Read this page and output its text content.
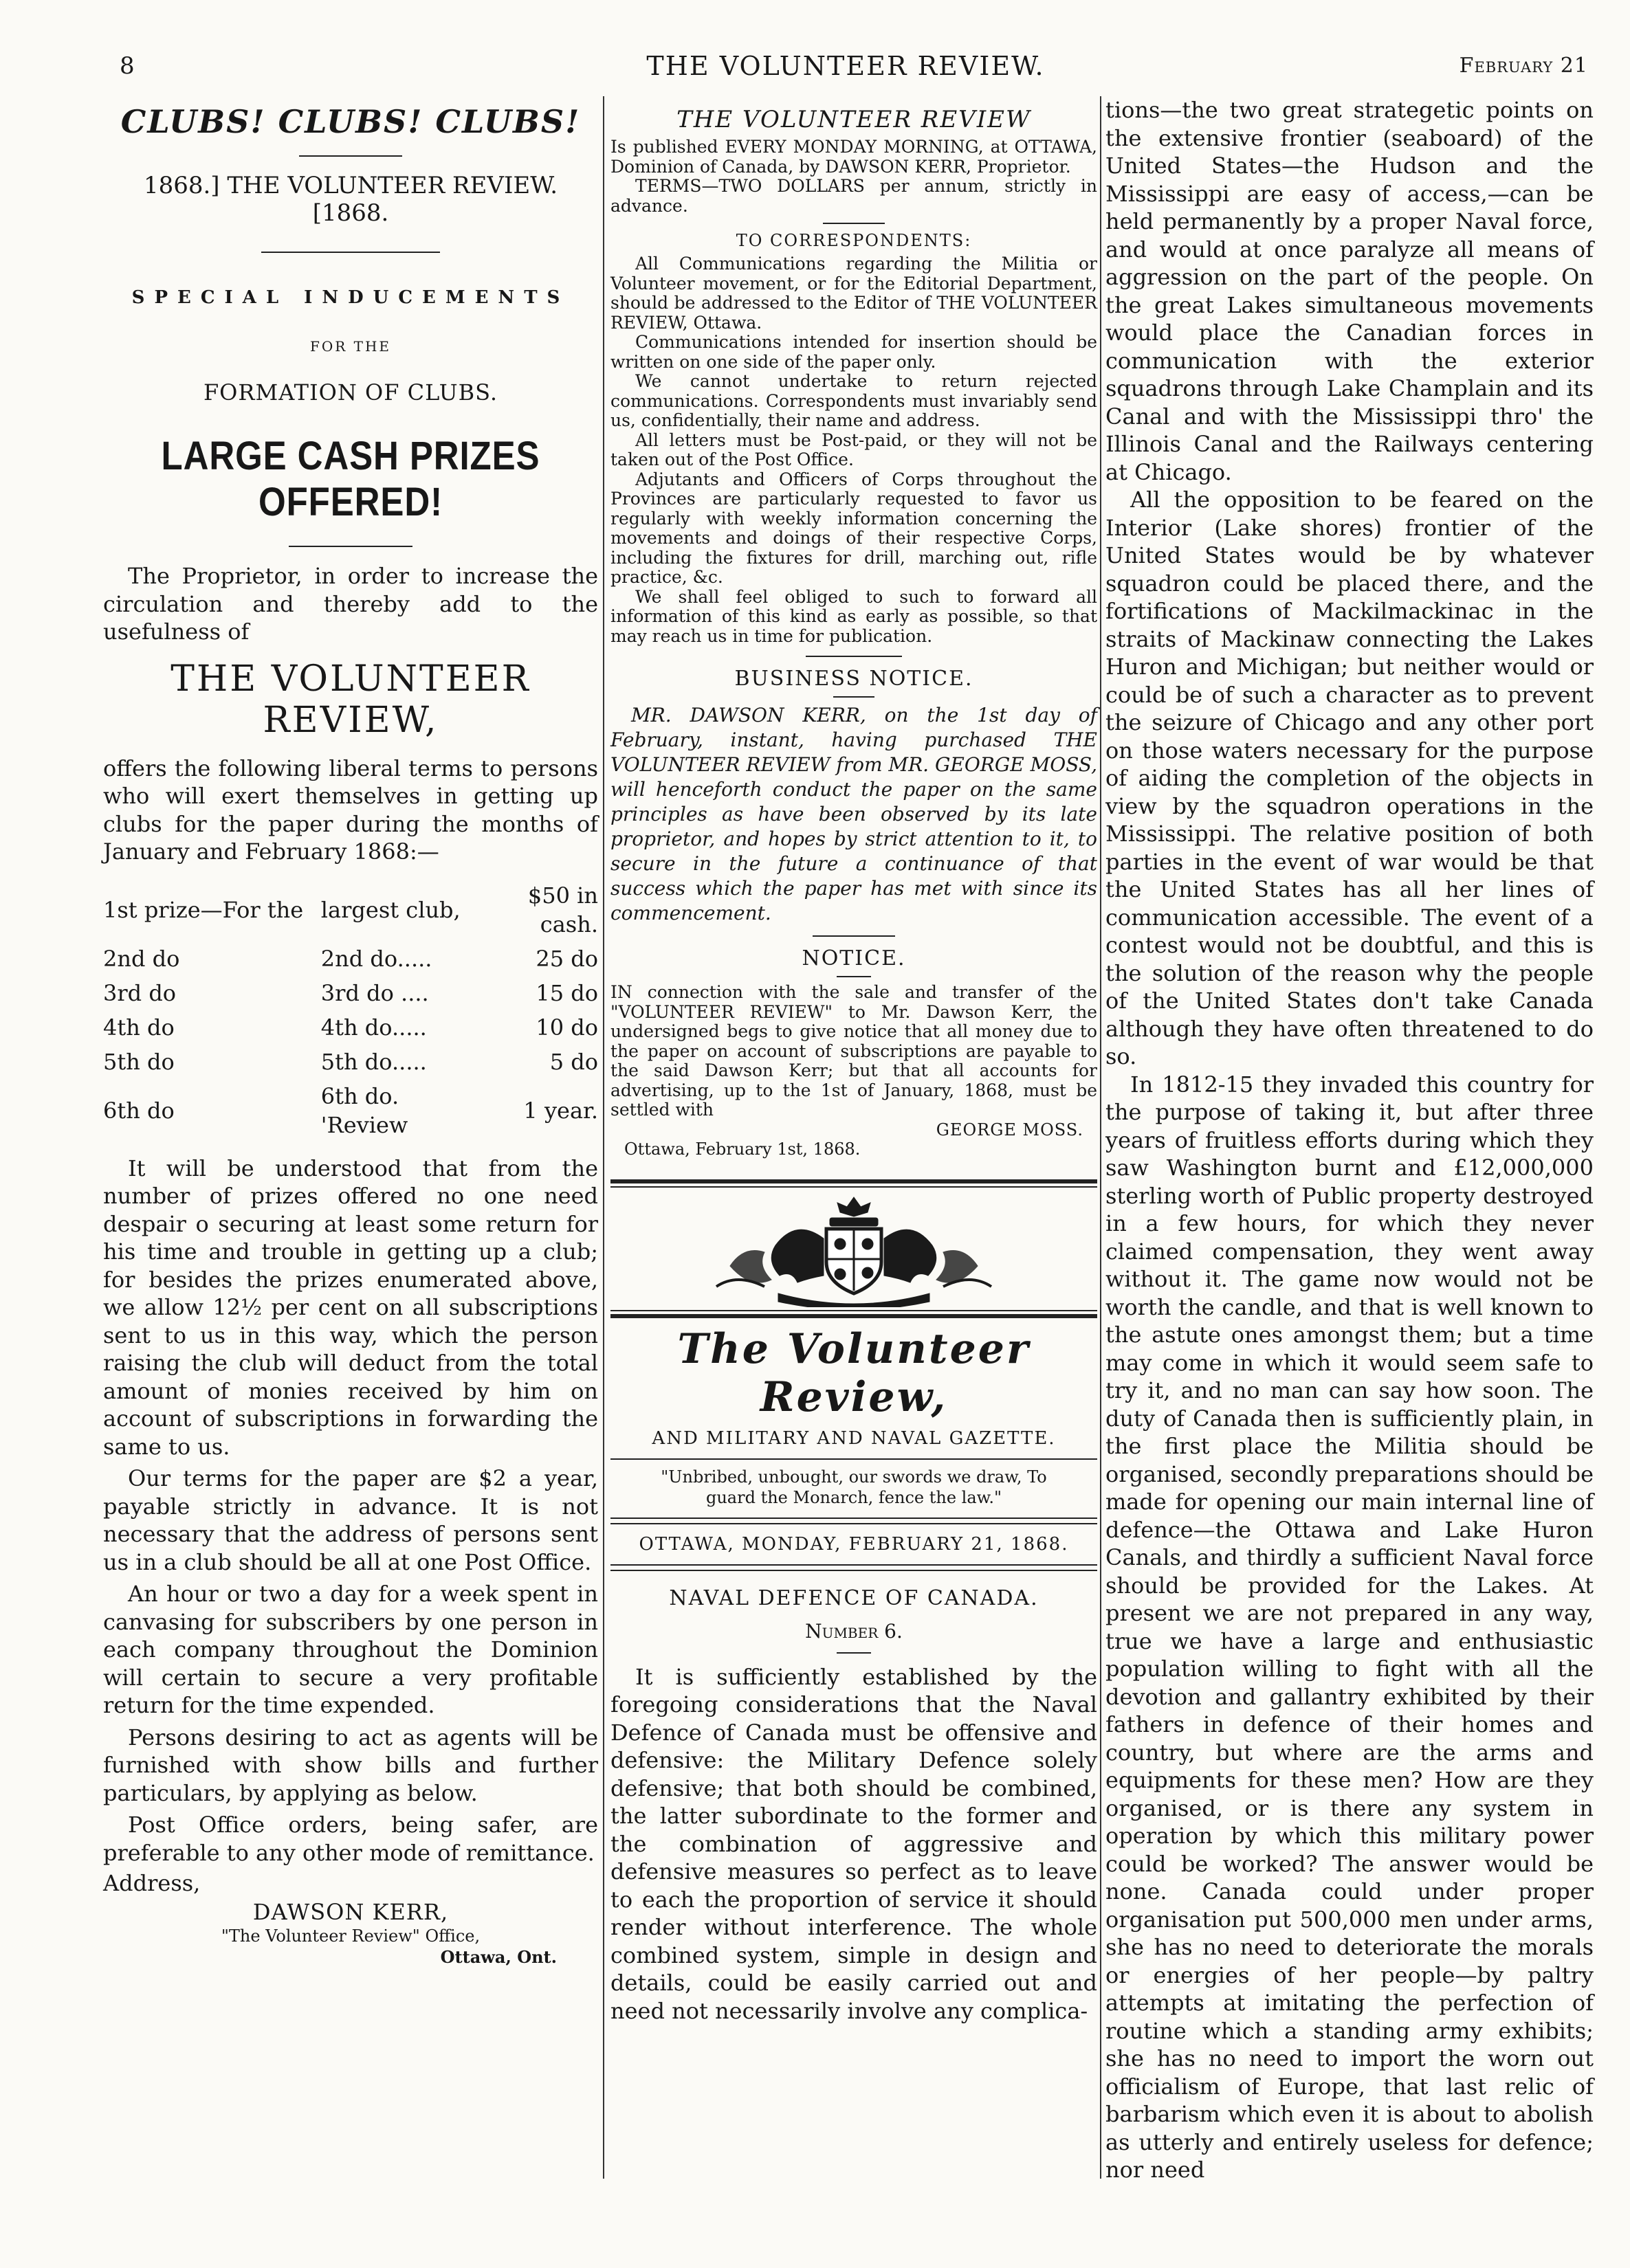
8	THE VOLUNTEER REVIEW.	February 21

CLUBS! CLUBS! CLUBS!

1868.] THE VOLUNTEER REVIEW. [1868.

SPECIAL INDUCEMENTS

FOR THE

FORMATION OF CLUBS.

LARGE CASH PRIZES OFFERED!

The Proprietor, in order to increase the circulation and thereby add to the usefulness of

THE VOLUNTEER REVIEW,

offers the following liberal terms to persons who will exert themselves in getting up clubs for the paper during the months of January and February 1868:—

1st prize—For the	largest club,	$50 in cash.
2nd do	2nd do.....	25 do
3rd do	3rd do ....	15 do
4th do	4th do.....	10 do
5th do	5th do.....	5 do
6th do	6th do. 'Review	1 year.

It will be understood that from the number of prizes offered no one need despair o securing at least some return for his time and trouble in getting up a club; for besides the prizes enumerated above, we allow 12½ per cent on all subscriptions sent to us in this way, which the person raising the club will deduct from the total amount of monies received by him on account of subscriptions in forwarding the same to us.

Our terms for the paper are $2 a year, payable strictly in advance. It is not necessary that the address of persons sent us in a club should be all at one Post Office.

An hour or two a day for a week spent in canvasing for subscribers by one person in each company throughout the Dominion will certain to secure a very profitable return for the time expended.

Persons desiring to act as agents will be furnished with show bills and further particulars, by applying as below.

Post Office orders, being safer, are preferable to any other mode of remittance.

Address,

DAWSON KERR,

"The Volunteer Review" Office,

Ottawa, Ont.

THE VOLUNTEER REVIEW

Is published EVERY MONDAY MORNING, at OTTAWA, Dominion of Canada, by DAWSON KERR, Proprietor.

TERMS—TWO DOLLARS per annum, strictly in advance.

TO CORRESPONDENTS:

All Communications regarding the Militia or Volunteer movement, or for the Editorial Department, should be addressed to the Editor of THE VOLUNTEER REVIEW, Ottawa.

Communications intended for insertion should be written on one side of the paper only.

We cannot undertake to return rejected communications. Correspondents must invariably send us, confidentially, their name and address.

All letters must be Post-paid, or they will not be taken out of the Post Office.

Adjutants and Officers of Corps throughout the Provinces are particularly requested to favor us regularly with weekly information concerning the movements and doings of their respective Corps, including the fixtures for drill, marching out, rifle practice, &c.

We shall feel obliged to such to forward all information of this kind as early as possible, so that may reach us in time for publication.

BUSINESS NOTICE.

MR. DAWSON KERR, on the 1st day of February, instant, having purchased THE VOLUNTEER REVIEW from MR. GEORGE MOSS, will henceforth conduct the paper on the same principles as have been observed by its late proprietor, and hopes by strict attention to it, to secure in the future a continuance of that success which the paper has met with since its commencement.

NOTICE.

IN connection with the sale and transfer of the "VOLUNTEER REVIEW" to Mr. Dawson Kerr, the undersigned begs to give notice that all money due to the paper on account of subscriptions are payable to the said Dawson Kerr; but that all accounts for advertising, up to the 1st of January, 1868, must be settled with

GEORGE MOSS.

Ottawa, February 1st, 1868.

The Volunteer Review,

AND MILITARY AND NAVAL GAZETTE.

"Unbribed, unbought, our swords we draw, To guard the Monarch, fence the law."

OTTAWA, MONDAY, FEBRUARY 21, 1868.

NAVAL DEFENCE OF CANADA.

Number 6.

It is sufficiently established by the foregoing considerations that the Naval Defence of Canada must be offensive and defensive: the Military Defence solely defensive; that both should be combined, the latter subordinate to the former and the combination of aggressive and defensive measures so perfect as to leave to each the proportion of service it should render without interference. The whole combined system, simple in design and details, could be easily carried out and need not necessarily involve any complica-

tions—the two great strategetic points on the extensive frontier (seaboard) of the United States—the Hudson and the Mississippi are easy of access,—can be held permanently by a proper Naval force, and would at once paralyze all means of aggression on the part of the people. On the great Lakes simultaneous movements would place the Canadian forces in communication with the exterior squadrons through Lake Champlain and its Canal and with the Mississippi thro' the Illinois Canal and the Railways centering at Chicago.

All the opposition to be feared on the Interior (Lake shores) frontier of the United States would be by whatever squadron could be placed there, and the fortifications of Mackilmackinac in the straits of Mackinaw connecting the Lakes Huron and Michigan; but neither would or could be of such a character as to prevent the seizure of Chicago and any other port on those waters necessary for the purpose of aiding the completion of the objects in view by the squadron operations in the Mississippi. The relative position of both parties in the event of war would be that the United States has all her lines of communication accessible. The event of a contest would not be doubtful, and this is the solution of the reason why the people of the United States don't take Canada although they have often threatened to do so.

In 1812-15 they invaded this country for the purpose of taking it, but after three years of fruitless efforts during which they saw Washington burnt and £12,000,000 sterling worth of Public property destroyed in a few hours, for which they never claimed compensation, they went away without it. The game now would not be worth the candle, and that is well known to the astute ones amongst them; but a time may come in which it would seem safe to try it, and no man can say how soon. The duty of Canada then is sufficiently plain, in the first place the Militia should be organised, secondly preparations should be made for opening our main internal line of defence—the Ottawa and Lake Huron Canals, and thirdly a sufficient Naval force should be provided for the Lakes. At present we are not prepared in any way, true we have a large and enthusiastic population willing to fight with all the devotion and gallantry exhibited by their fathers in defence of their homes and country, but where are the arms and equipments for these men? How are they organised, or is there any system in operation by which this military power could be worked? The answer would be none. Canada could under proper organisation put 500,000 men under arms, she has no need to deteriorate the morals or energies of her people—by paltry attempts at imitating the perfection of routine which a standing army exhibits; she has no need to import the worn out officialism of Europe, that last relic of barbarism which even it is about to abolish as utterly and entirely useless for defence; nor need
